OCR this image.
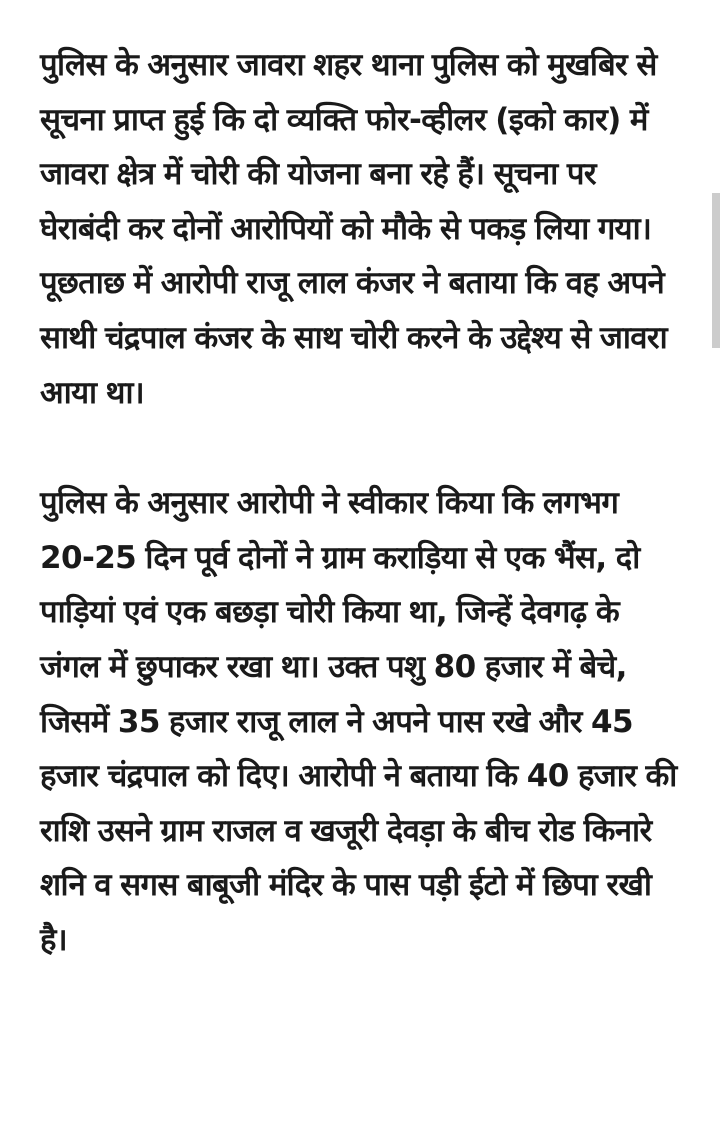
पुलिस के अनुसार जावरा शहर थाना पुलिस को मुखबिर से सूचना प्राप्त हुई कि दो व्यक्ति फोर-व्हीलर (इको कार) में जावरा क्षेत्र में चोरी की योजना बना रहे हैं। सूचना पर घेराबंदी कर दोनों आरोपियों को मौके से पकड़ लिया गया। पूछताछ में आरोपी राजू लाल कंजर ने बताया कि वह अपने साथी चंद्रपाल कंजर के साथ चोरी करने के उद्देश्य से जावरा आया था।

पुलिस के अनुसार आरोपी ने स्वीकार किया कि लगभग 20-25 दिन पूर्व दोनों ने ग्राम कराड़िया से एक भैंस, दो पाड़ियां एवं एक बछड़ा चोरी किया था, जिन्हें देवगढ़ के जंगल में छुपाकर रखा था। उक्त पशु 80 हजार में बेचे, जिसमें 35 हजार राजू लाल ने अपने पास रखे और 45 हजार चंद्रपाल को दिए। आरोपी ने बताया कि 40 हजार की राशि उसने ग्राम राजल व खजूरी देवड़ा के बीच रोड किनारे शनि व सगस बाबूजी मंदिर के पास पड़ी ईटो में छिपा रखी है।
